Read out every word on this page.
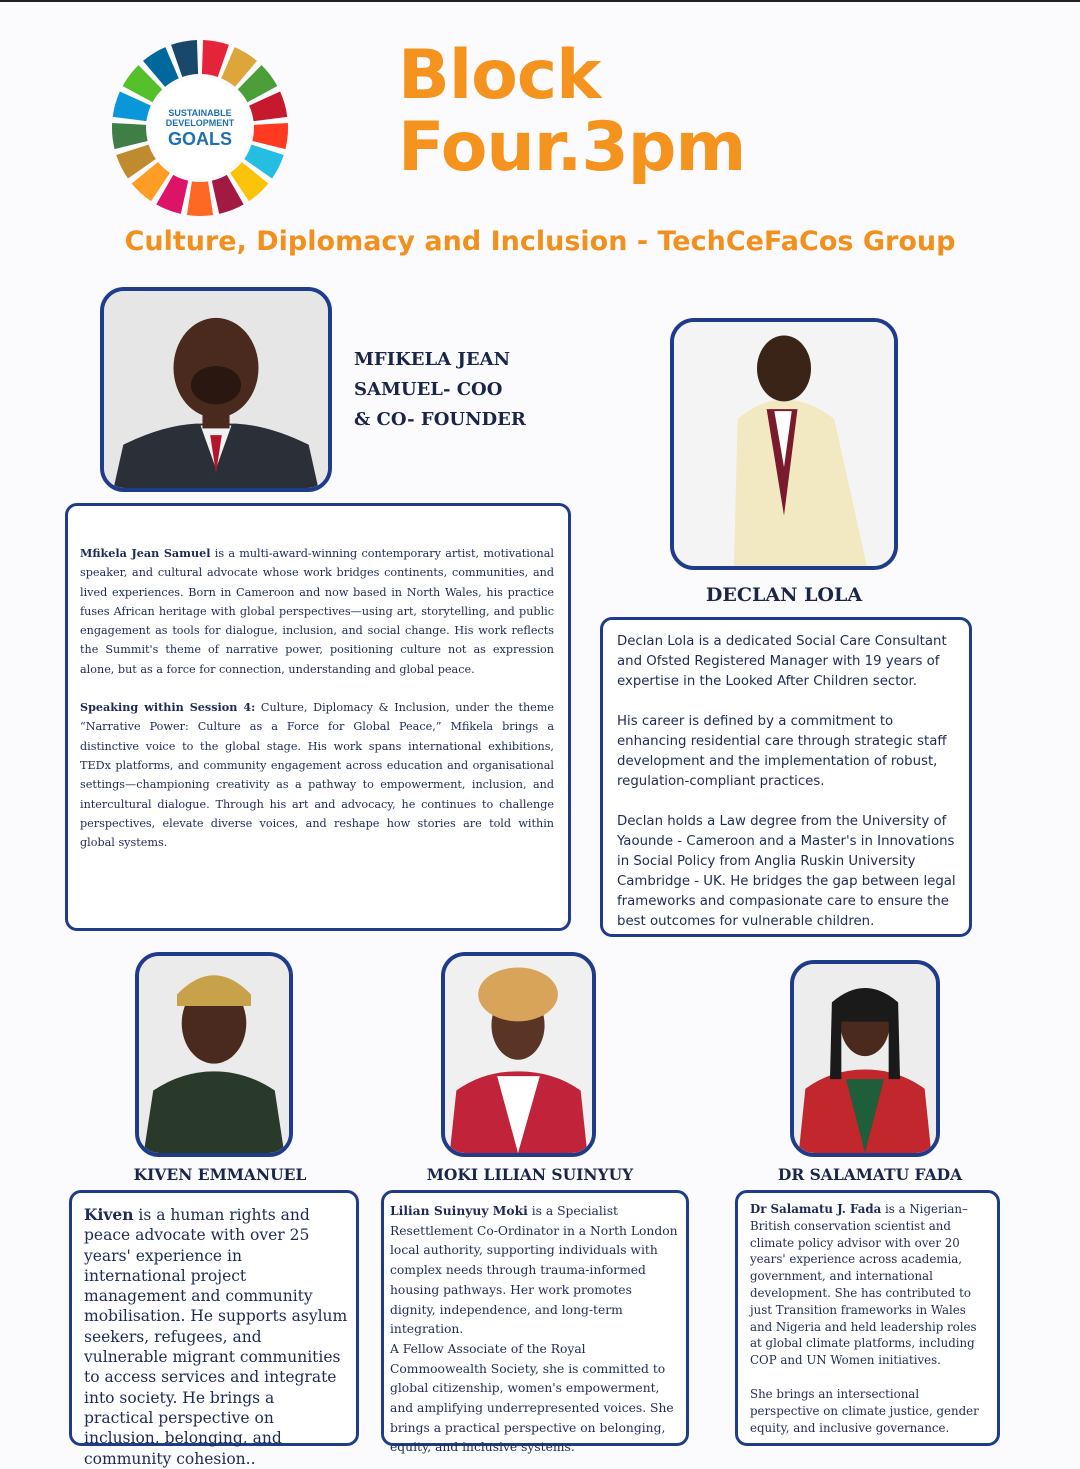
SUSTAINABLE
DEVELOPMENT
GOALS
Block
Four.3pm
Culture, Diplomacy and Inclusion - TechCeFaCos Group
MFIKELA JEAN
SAMUEL- COO
& CO- FOUNDER

Mfikela Jean Samuel is a multi-award-winning contemporary artist, motivational speaker, and cultural advocate whose work bridges continents, communities, and lived experiences. Born in Cameroon and now based in North Wales, his practice fuses African heritage with global perspectives—using art, storytelling, and public engagement as tools for dialogue, inclusion, and social change. His work reflects the Summit's theme of narrative power, positioning culture not as expression alone, but as a force for connection, understanding and global peace.

Speaking within Session 4: Culture, Diplomacy & Inclusion, under the theme “Narrative Power: Culture as a Force for Global Peace,” Mfikela brings a distinctive voice to the global stage. His work spans international exhibitions, TEDx platforms, and community engagement across education and organisational settings—championing creativity as a pathway to empowerment, inclusion, and intercultural dialogue. Through his art and advocacy, he continues to challenge perspectives, elevate diverse voices, and reshape how stories are told within global systems.

DECLAN LOLA

Declan Lola is a dedicated Social Care Consultant and Ofsted Registered Manager with 19 years of expertise in the Looked After Children sector.

His career is defined by a commitment to enhancing residential care through strategic staff development and the implementation of robust, regulation-compliant practices.

Declan holds a Law degree from the University of Yaounde - Cameroon and a Master's in Innovations in Social Policy from Anglia Ruskin University Cambridge - UK. He bridges the gap between legal frameworks and compasionate care to ensure the best outcomes for vulnerable children.

KIVEN EMMANUEL

Kiven is a human rights and peace advocate with over 25 years' experience in international project management and community mobilisation. He supports asylum seekers, refugees, and vulnerable migrant communities to access services and integrate into society. He brings a practical perspective on inclusion, belonging, and community cohesion..

MOKI LILIAN SUINYUY

Lilian Suinyuy Moki is a Specialist Resettlement Co-Ordinator in a North London local authority, supporting individuals with complex needs through trauma-informed housing pathways. Her work promotes dignity, independence, and long-term integration.

A Fellow Associate of the Royal Commoowealth Society, she is committed to global citizenship, women's empowerment, and amplifying underrepresented voices. She brings a practical perspective on belonging, equity, and inclusive systems.

DR SALAMATU FADA

Dr Salamatu J. Fada is a Nigerian–British conservation scientist and climate policy advisor with over 20 years' experience across academia, government, and international development. She has contributed to just Transition frameworks in Wales and Nigeria and held leadership roles at global climate platforms, including COP and UN Women initiatives.

She brings an intersectional perspective on climate justice, gender equity, and inclusive governance.
